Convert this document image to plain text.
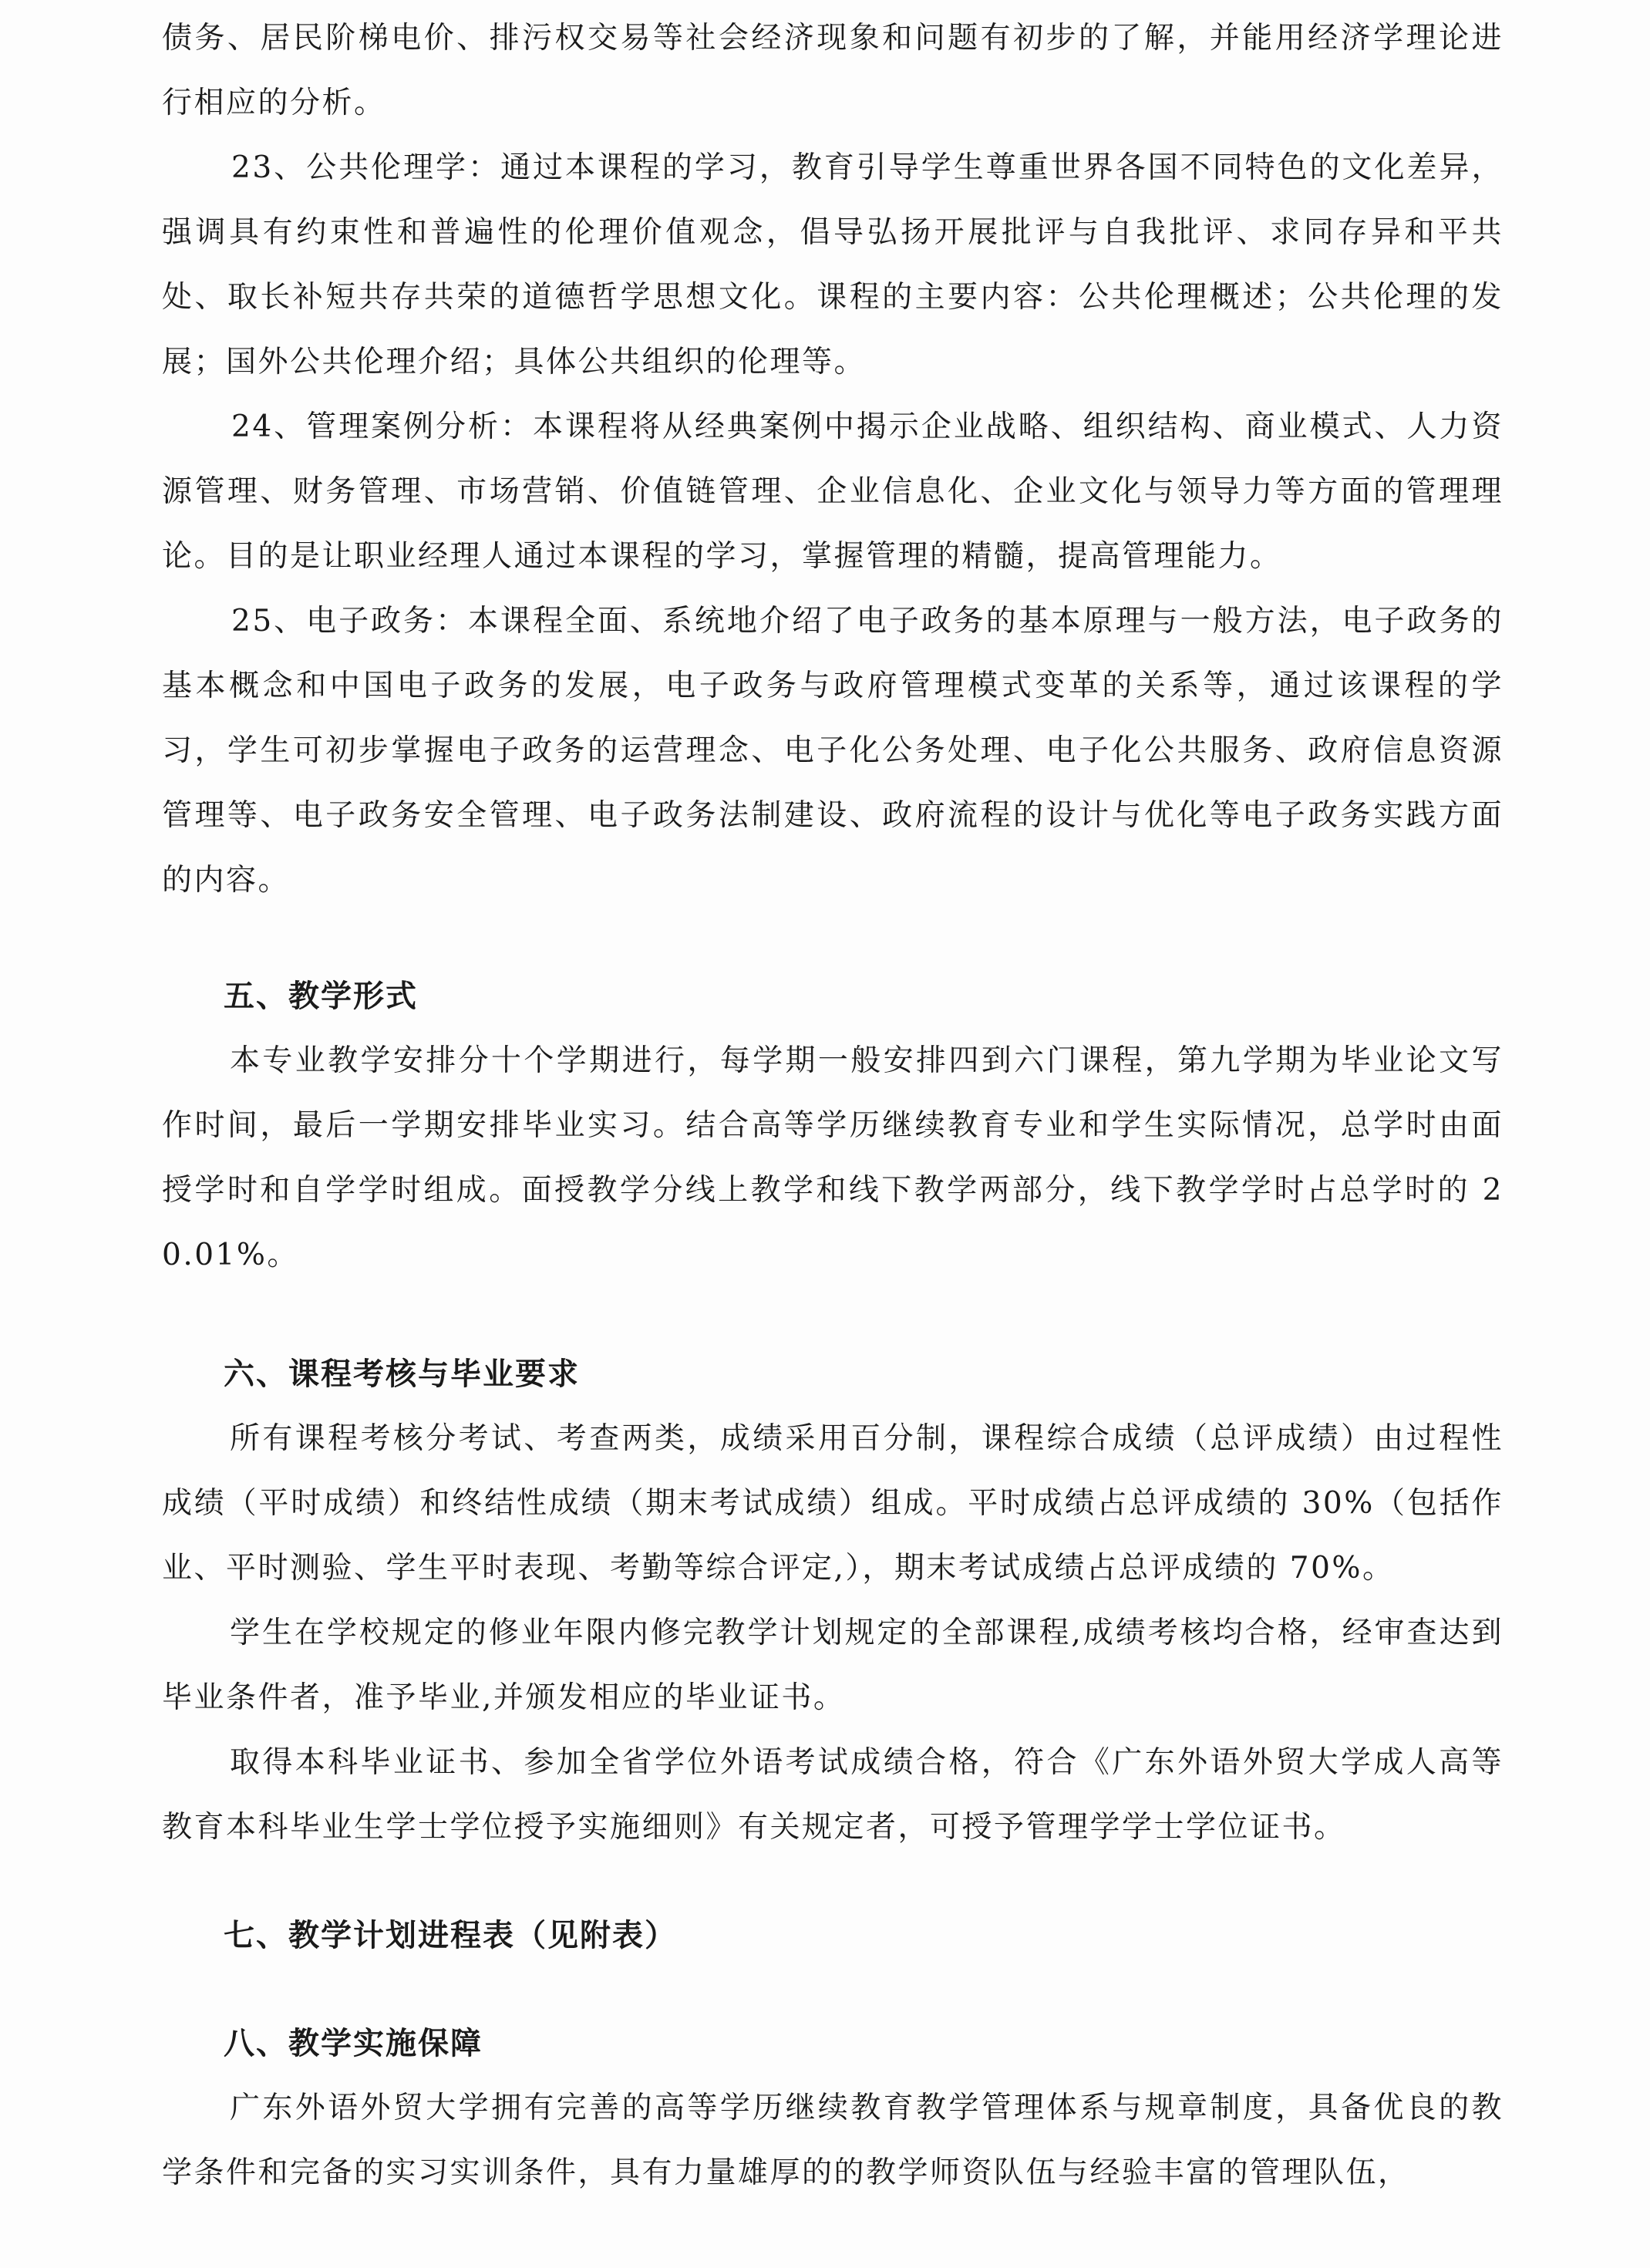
债务、居民阶梯电价、排污权交易等社会经济现象和问题有初步的了解，并能用经济学理论进行相应的分析。

23、公共伦理学：通过本课程的学习，教育引导学生尊重世界各国不同特色的文化差异，强调具有约束性和普遍性的伦理价值观念，倡导弘扬开展批评与自我批评、求同存异和平共处、取长补短共存共荣的道德哲学思想文化。课程的主要内容：公共伦理概述；公共伦理的发展；国外公共伦理介绍；具体公共组织的伦理等。

24、管理案例分析：本课程将从经典案例中揭示企业战略、组织结构、商业模式、人力资源管理、财务管理、市场营销、价值链管理、企业信息化、企业文化与领导力等方面的管理理论。目的是让职业经理人通过本课程的学习，掌握管理的精髓，提高管理能力。

25、电子政务：本课程全面、系统地介绍了电子政务的基本原理与一般方法，电子政务的基本概念和中国电子政务的发展，电子政务与政府管理模式变革的关系等，通过该课程的学习，学生可初步掌握电子政务的运营理念、电子化公务处理、电子化公共服务、政府信息资源管理等、电子政务安全管理、电子政务法制建设、政府流程的设计与优化等电子政务实践方面的内容。

五、教学形式

本专业教学安排分十个学期进行，每学期一般安排四到六门课程，第九学期为毕业论文写作时间，最后一学期安排毕业实习。结合高等学历继续教育专业和学生实际情况，总学时由面授学时和自学学时组成。面授教学分线上教学和线下教学两部分，线下教学学时占总学时的 20.01%。

六、课程考核与毕业要求

所有课程考核分考试、考查两类，成绩采用百分制，课程综合成绩（总评成绩）由过程性成绩（平时成绩）和终结性成绩（期末考试成绩）组成。平时成绩占总评成绩的 30%（包括作业、平时测验、学生平时表现、考勤等综合评定,），期末考试成绩占总评成绩的 70%。

学生在学校规定的修业年限内修完教学计划规定的全部课程,成绩考核均合格，经审查达到毕业条件者，准予毕业,并颁发相应的毕业证书。

取得本科毕业证书、参加全省学位外语考试成绩合格，符合《广东外语外贸大学成人高等教育本科毕业生学士学位授予实施细则》有关规定者，可授予管理学学士学位证书。

七、教学计划进程表（见附表）
八、教学实施保障

广东外语外贸大学拥有完善的高等学历继续教育教学管理体系与规章制度，具备优良的教学条件和完备的实习实训条件，具有力量雄厚的的教学师资队伍与经验丰富的管理队伍，
